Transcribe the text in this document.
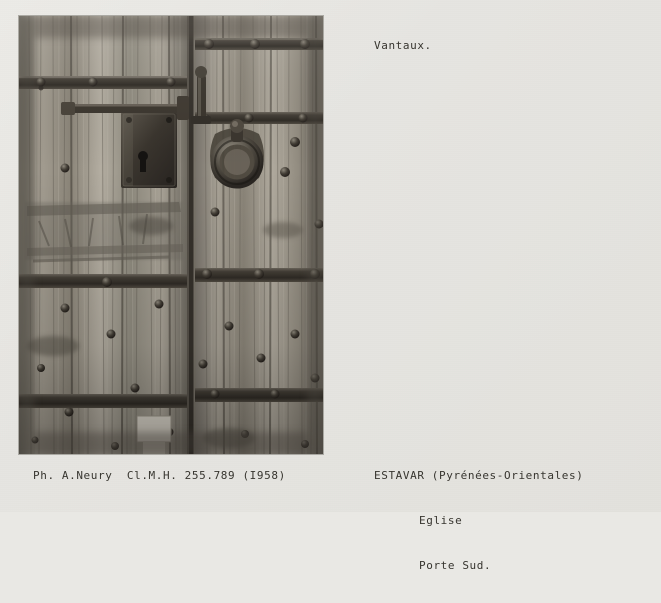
Vantaux.
Ph. A.Neury  Cl.M.H. 255.789 (I958)

	ESTAVAR (Pyrénées-Orientales)

Eglise

Porte Sud.
